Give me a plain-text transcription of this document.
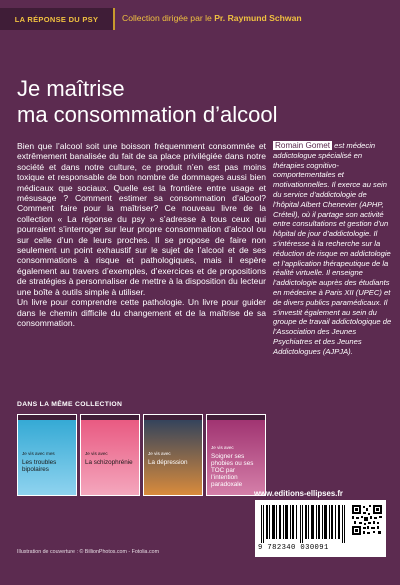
LA RÉPONSE DU PSY	Collection dirigée par le Pr. Raymund Schwan
Je maîtrise
ma consommation d’alcool

Bien que l’alcool soit une boisson fréquemment consommée et extrêmement banalisée du fait de sa place privilégiée dans notre société et dans notre culture, ce produit n’en est pas moins toxique et responsable de bon nombre de dommages aussi bien médicaux que sociaux. Quelle est la frontière entre usage et mésusage ? Comment estimer sa consommation d’alcool? Comment faire pour la maîtriser? Ce nouveau livre de la collection « La réponse du psy » s’adresse à tous ceux qui pourraient s’interroger sur leur propre consommation d’alcool ou sur celle d’un de leurs proches. Il se propose de faire non seulement un point exhaustif sur le sujet de l’alcool et de ses consommations à risque et pathologiques, mais il espère également au travers d’exemples, d’exercices et de propositions de stratégies à personnaliser de mettre à la disposition du lecteur une boîte à outils simple à utiliser.

Un livre pour comprendre cette pathologie. Un livre pour guider dans le chemin difficile du changement et de la maîtrise de sa consommation.

Romain Gomet est médecin addictologue spécialisé en thérapies cognitivo-comportementales et motivationnelles. Il exerce au sein du service d’addictologie de l’hôpital Albert Chenevier (APHP, Créteil), où il partage son activité entre consultations et gestion d’un hôpital de jour d’addictologie. Il s’intéresse à la recherche sur la réduction de risque en addictologie et l’application thérapeutique de la réalité virtuelle. Il enseigne l’addictologie auprès des étudiants en médecine à Paris XII (UPEC) et de divers publics paramédicaux. Il s’investit également au sein du groupe de travail addictologique de l’Association des Jeunes Psychiatres et des Jeunes Addictologues (AJPJA).
DANS LA MÊME COLLECTION
Je vis avec mes
Les troubles bipolaires
Je vis avec
La schizophrénie
Je vis avec
La dépression
Je vis avec
Soigner ses phobies ou ses TOC par l’intention paradoxale
www.editions-ellipses.fr
9 782340 030091
Illustration de couverture : © BillionPhotos.com - Fotolia.com
